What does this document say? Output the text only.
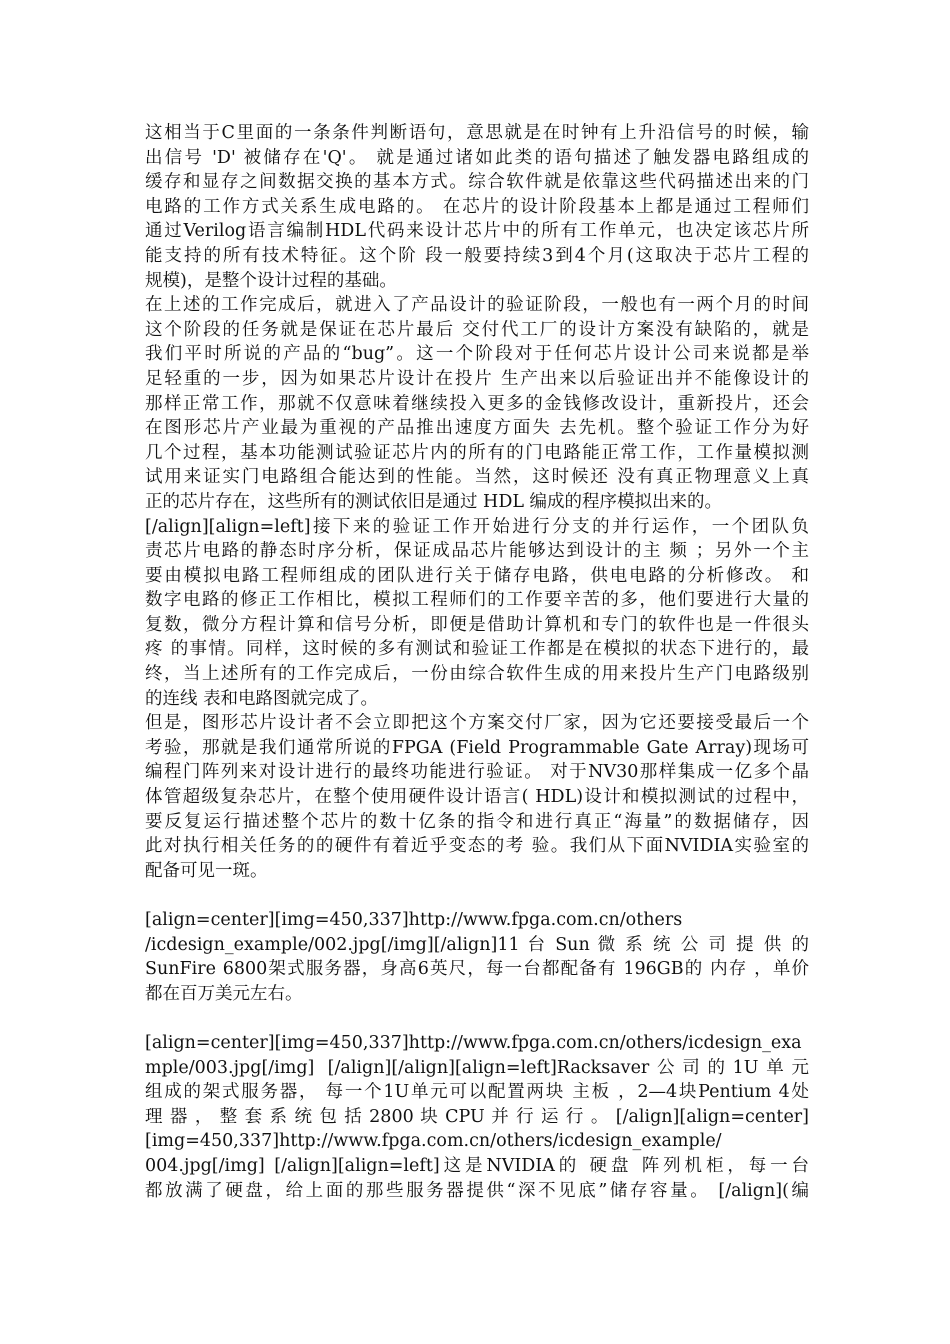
这相当于C里面的一条条件判断语句，意思就是在时钟有上升沿信号的时候，输
出信号 'D' 被储存在'Q'。 就是通过诸如此类的语句描述了触发器电路组成的
缓存和显存之间数据交换的基本方式。综合软件就是依靠这些代码描述出来的门
电路的工作方式关系生成电路的。 在芯片的设计阶段基本上都是通过工程师们
通过Verilog语言编制HDL代码来设计芯片中的所有工作单元，也决定该芯片所
能支持的所有技术特征。这个阶 段一般要持续3到4个月(这取决于芯片工程的
规模)，是整个设计过程的基础。
在上述的工作完成后，就进入了产品设计的验证阶段，一般也有一两个月的时间
这个阶段的任务就是保证在芯片最后 交付代工厂的设计方案没有缺陷的，就是
我们平时所说的产品的“bug”。这一个阶段对于任何芯片设计公司来说都是举
足轻重的一步，因为如果芯片设计在投片 生产出来以后验证出并不能像设计的
那样正常工作，那就不仅意味着继续投入更多的金钱修改设计，重新投片，还会
在图形芯片产业最为重视的产品推出速度方面失 去先机。整个验证工作分为好
几个过程，基本功能测试验证芯片内的所有的门电路能正常工作，工作量模拟测
试用来证实门电路组合能达到的性能。当然，这时候还 没有真正物理意义上真
正的芯片存在，这些所有的测试依旧是通过 HDL 编成的程序模拟出来的。
[/align][align=left]接下来的验证工作开始进行分支的并行运作，一个团队负
责芯片电路的静态时序分析，保证成品芯片能够达到设计的主 频 ；另外一个主
要由模拟电路工程师组成的团队进行关于储存电路，供电电路的分析修改。 和
数字电路的修正工作相比，模拟工程师们的工作要辛苦的多，他们要进行大量的
复数，微分方程计算和信号分析，即便是借助计算机和专门的软件也是一件很头
疼 的事情。同样，这时候的多有测试和验证工作都是在模拟的状态下进行的，最
终，当上述所有的工作完成后，一份由综合软件生成的用来投片生产门电路级别
的连线 表和电路图就完成了。
但是，图形芯片设计者不会立即把这个方案交付厂家，因为它还要接受最后一个
考验，那就是我们通常所说的FPGA (Field Programmable Gate Array)现场可
编程门阵列来对设计进行的最终功能进行验证。 对于NV30那样集成一亿多个晶
体管超级复杂芯片，在整个使用硬件设计语言( HDL)设计和模拟测试的过程中，
要反复运行描述整个芯片的数十亿条的指令和进行真正“海量”的数据储存，因
此对执行相关任务的的硬件有着近乎变态的考 验。我们从下面NVIDIA实验室的
配备可见一斑。
[align=center][img=450,337]http://www.fpga.com.cn/others
/icdesign_example/002.jpg[/img][/align]11 台 Sun 微 系 统 公 司 提 供 的
SunFire 6800架式服务器，身高6英尺，每一台都配备有 196GB的 内存 ，单价
都在百万美元左右。
[align=center][img=450,337]http://www.fpga.com.cn/others/icdesign_exa
mple/003.jpg[/img] [/align][/align][align=left]Racksaver公司的1U单元
组成的架式服务器， 每一个1U单元可以配置两块 主板 ，2—4块Pentium 4处
理 器 ， 整 套 系 统 包 括 2800 块 CPU 并 行 运 行 。 [/align][align=center]
[img=450,337]http://www.fpga.com.cn/others/icdesign_example/
004.jpg[/img] [/align][align=left]这是NVIDIA的 硬盘 阵列机柜，每一台
都放满了硬盘，给上面的那些服务器提供“深不见底”储存容量。 [/align](编
